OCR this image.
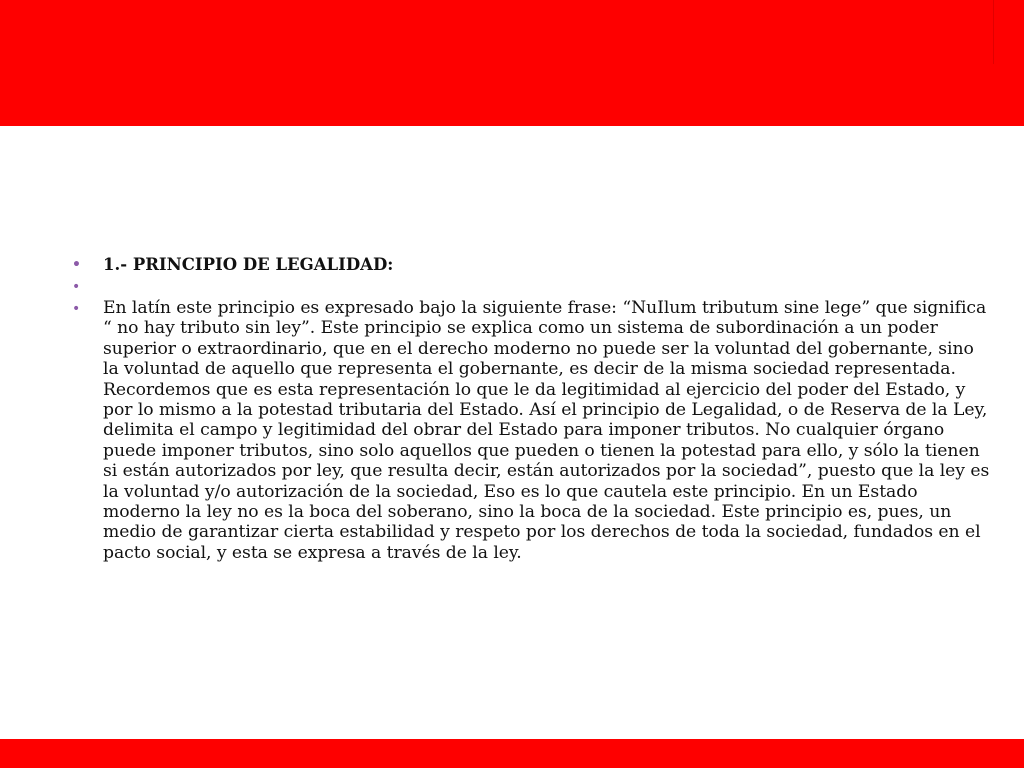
• 1.- PRINCIPIO DE LEGALIDAD:
•
• En latín este principio es expresado bajo la siguiente frase: “NuIlum tributum sine lege” que significa “ no hay tributo sin ley”. Este principio se explica como un sistema de subordinación a un poder superior o extraordinario, que en el derecho moderno no puede ser la voluntad del gobernante, sino la voluntad de aquello que representa el gobernante, es decir de la misma sociedad representada. Recordemos que es esta representación lo que le da legitimidad al ejercicio del poder del Estado, y por lo mismo a la potestad tributaria del Estado. Así el principio de Legalidad, o de Reserva de la Ley, delimita el campo y legitimidad del obrar del Estado para imponer tributos. No cualquier órgano puede imponer tributos, sino solo aquellos que pueden o tienen la potestad para ello, y sólo la tienen si están autorizados por ley, que resulta decir, están autorizados por la sociedad”, puesto que la ley es la voluntad y/o autorización de la sociedad, Eso es lo que cautela este principio. En un Estado moderno la ley no es la boca del soberano, sino la boca de la sociedad. Este principio es, pues, un medio de garantizar cierta estabilidad y respeto por los derechos de toda la sociedad, fundados en el pacto social, y esta se expresa a través de la ley.
